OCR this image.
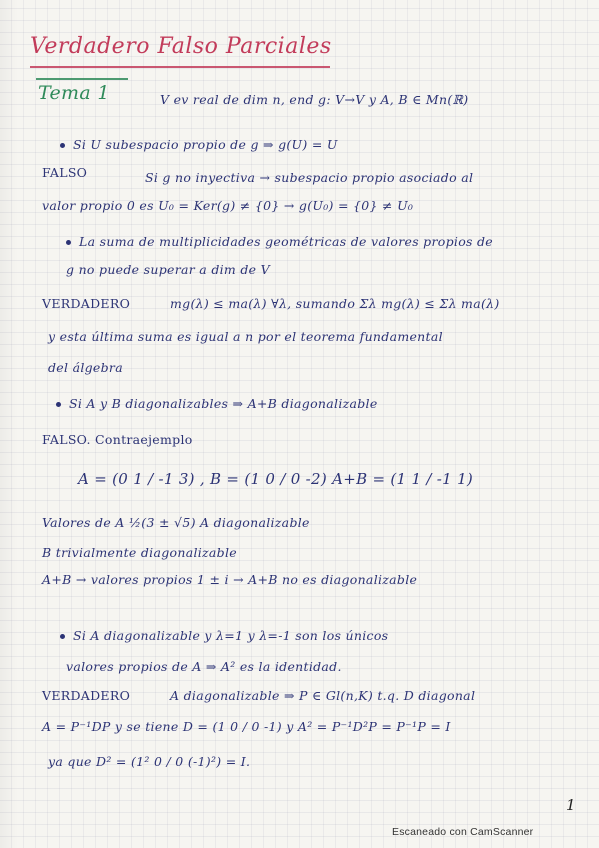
Verdadero Falso Parciales
Tema 1	V ev real de dim n, end g: V→V y A, B ∈ Mn(ℝ)
Si U subespacio propio de g ⇒ g(U) = U
FALSO	Si g no inyectiva → subespacio propio asociado al
valor propio 0 es U₀ = Ker(g) ≠ {0} → g(U₀) = {0} ≠ U₀
La suma de multiplicidades geométricas de valores propios de
g no puede superar a dim de V
VERDADERO	mg(λ) ≤ ma(λ) ∀λ, sumando Σλ mg(λ) ≤ Σλ ma(λ)
y esta última suma es igual a n por el teorema fundamental
del álgebra
Si A y B diagonalizables ⇒ A+B diagonalizable
FALSO. Contraejemplo
A = (0 1 / -1 3) , B = (1 0 / 0 -2) A+B = (1 1 / -1 1)
Valores de A ½(3 ± √5) A diagonalizable
B trivialmente diagonalizable
A+B → valores propios 1 ± i → A+B no es diagonalizable
Si A diagonalizable y λ=1 y λ=-1 son los únicos
valores propios de A ⇒ A² es la identidad.
VERDADERO	A diagonalizable ⇒ P ∈ Gl(n,K) t.q. D diagonal
A = P⁻¹DP y se tiene D = (1 0 / 0 -1) y A² = P⁻¹D²P = P⁻¹P = I
ya que D² = (1² 0 / 0 (-1)²) = I.
1
Escaneado con CamScanner
